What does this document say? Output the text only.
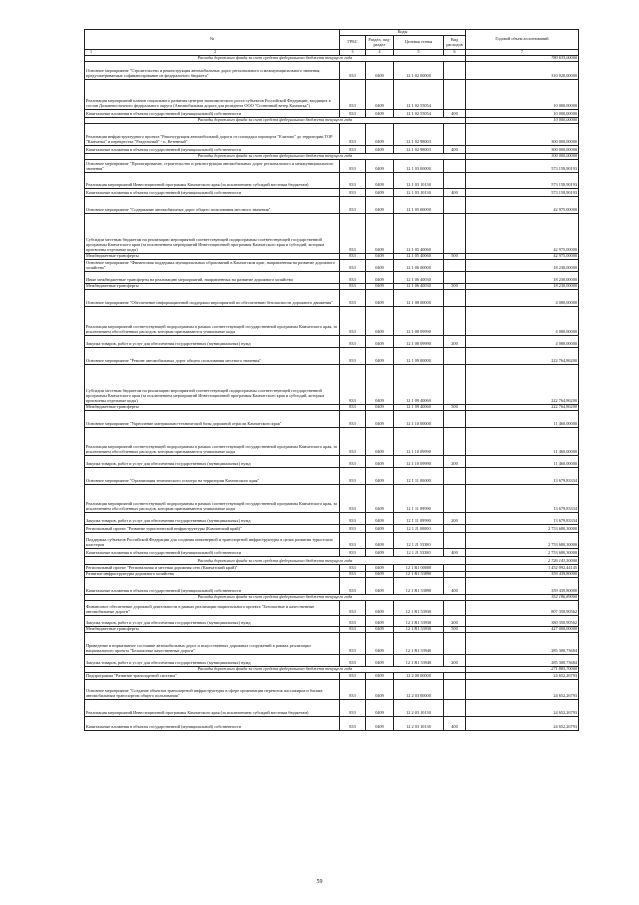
№	Коды				Годовой объем ассигнований
	ГРБС	Раздел, под-раздел	Целевая статья	Вид расходов	

1 2	3	4	5	6	7
Расходы дорожного фонда за счет средств федерального бюджета текущего года					780 635,00000
Основное мероприятие "Строительство и реконструкция автомобильных дорог регионального и межмуниципального значения, предусматриваемые софинансирование из федерального бюджета"	833	0409	12 1 02 00000		310 020,00000
Реализация мероприятий планов социального развития центров экономического роста субъектов Российской Федерации, входящих в состав Дальневосточного федерального округа (Автомобильная дорога для резидента ООО "Солнечный ветер Камчатка")	833	0409	12 1 02 55054		10 000,00000
Капитальные вложения в объекты государственной (муниципальной) собственности	833	0409	12 1 02 55054	400	10 000,00000
Расходы дорожного фонда за счет средств федерального бюджета текущего года					10 000,00000
Реализация инфраструктурного проекта "Реконструкция автомобильной дороги от площадки аэропорта "Елизово" до территории ТОР "Камчатка" и перекрестка "Раздельный" - п. Кетенный"	833	0409	12 1 02 98003		300 000,00000
Капитальные вложения в объекты государственной (муниципальной) собственности	833	0409	12 1 02 98003	400	300 000,00000
Расходы дорожного фонда за счет средств федерального бюджета текущего года					300 000,00000
Основное мероприятие "Проектирование, строительство и реконструкция автомобильных дорог регионального и межмуниципального значения"	833	0409	12 1 03 00000		573 158,90193
Реализация мероприятий Инвестиционной программы Камчатского края (за исключением субсидий местным бюджетам)	833	0409	12 1 03 10130		573 158,90193
Капитальные вложения в объекты государственной (муниципальной) собственности	833	0409	12 1 03 10130	400	573 158,90193
Основное мероприятие "Содержание автомобильных дорог общего пользования местного значения"	833	0409	12 1 05 00000		42 975,00000
Субсидии местным бюджетам на реализацию мероприятий соответствующей подпрограммы соответствующей государственной программы Камчатского края (за исключением мероприятий Инвестиционной программы Камчатского края и субсидий, которым присвоены отдельные коды)	833	0409	12 1 05 40060		42 975,00000
Межбюджетные трансферты	833	0409	12 1 05 40060	500	42 975,00000
Основное мероприятие "Финансовая поддержка муниципальных образований в Камчатском крае, направленная на развитие дорожного хозяйства"	833	0409	12 1 06 00000		18 230,00000
Иные межбюджетные трансферты на реализацию мероприятий, направленных на развитие дорожного хозяйства	833	0409	12 1 06 40030		18 230,00000
Межбюджетные трансферты	833	0409	12 1 06 40030	500	18 230,00000
Основное мероприятие "Обеспечение информационной поддержки мероприятий по обеспечению безопасности дорожного движения"	833	0409	12 1 08 00000		4 080,00000
Реализация мероприятий соответствующей подпрограммы в рамках соответствующей государственной программы Камчатского края, за исключением обособленных расходов, которым присваиваются уникальные коды	833	0409	12 1 08 09990		4 080,00000
Закупка товаров, работ и услуг для обеспечения государственных (муниципальных) нужд	833	0409	12 1 08 09990	200	4 080,00000
Основное мероприятие "Ремонт автомобильных дорог общего пользования местного значения"	833	0409	12 1 09 00000		222 764,86200
Субсидии местным бюджетам на реализацию мероприятий соответствующей подпрограммы соответствующей государственной программы Камчатского края (за исключением мероприятий Инвестиционной программы Камчатского края и субсидий, которым присвоены отдельные коды)	833	0409	12 1 09 40060		222 764,86200
Межбюджетные трансферты	833	0409	12 1 09 40060	500	222 764,86200
Основное мероприятие "Укрепление материально-технической базы дорожной отрасли Камчатского края"	833	0409	12 1 10 00000		11 460,00000
Реализация мероприятий соответствующей подпрограммы в рамках соответствующей государственной программы Камчатского края, за исключением обособленных расходов, которым присваиваются уникальные коды	833	0409	12 1 10 09990		11 460,00000
Закупка товаров, работ и услуг для обеспечения государственных (муниципальных) нужд	833	0409	12 1 10 09990	200	11 460,00000
Основное мероприятие "Организация технического осмотра на территории Камчатского края"	833	0409	12 1 11 00000		13 679,83334
Реализация мероприятий соответствующей подпрограммы в рамках соответствующей государственной программы Камчатского края, за исключением обособленных расходов, которым присваиваются уникальные коды	833	0409	12 1 11 09990		13 679,83334
Закупка товаров, работ и услуг для обеспечения государственных (муниципальных) нужд	833	0409	12 1 11 09990	200	13 679,83334
Региональный проект "Развитие туристической инфраструктуры (Камчатский край)"	833	0409	12 1 J1 00000		2 753 680,30000
Поддержка субъектов Российской Федерации для создания инженерной и транспортной инфраструктуры в целях развития туристских кластеров	833	0409	12 1 J1 53380		2 753 680,30000
Капитальные вложения в объекты государственной (муниципальной) собственности	833	0409	12 1 J1 53380	400	2 753 680,30000
Расходы дорожного фонда за счет средств федерального бюджета текущего года					2 726 143,50000
Региональный проект "Региональная и местная дорожная сеть (Камчатский край)"	833	0409	12 1 R1 00000		1 452 092,44145
Развитие инфраструктуры дорожного хозяйства	833	0409	12 1 R1 53890		359 439,80000
Капитальные вложения в объекты государственной (муниципальной) собственности	833	0409	12 1 R1 53890	400	359 439,80000
Расходы дорожного фонда за счет средств федерального бюджета текущего года					352 186,89000
Финансовое обеспечение дорожной деятельности в рамках реализации национального проекта "Безопасные и качественные автомобильные дороги"	833	0409	12 1 R1 53930		807 350,90562
Закупка товаров, работ и услуг для обеспечения государственных (муниципальных) нужд	833	0409	12 1 R1 53930	200	380 350,90562
Межбюджетные трансферты	833	0409	12 1 R1 53930	500	427 000,00000
Приведение в нормативное состояние автомобильных дорог и искусственных дорожных сооружений в рамках реализации национального проекта "Безопасные качественные дороги"	833	0409	12 1 R1 53940		285 300,73684
Закупка товаров, работ и услуг для обеспечения государственных (муниципальных) нужд	833	0409	12 1 R1 53940	200	285 300,73684
Расходы дорожного фонда за счет средств федерального бюджета текущего года					271 885,70000
Подпрограмма "Развитие транспортной системы"	833	0409	12 2 00 00000		24 652,26793
Основное мероприятие "Создание объектов транспортной инфраструктуры в сфере организации перевозок пассажиров и багажа автомобильным транспортом общего пользования"	833	0409	12 2 03 00000		24 652,26793
Реализация мероприятий Инвестиционной программы Камчатского края (за исключением субсидий местным бюджетам)	833	0409	12 2 03 10130		24 652,26793
Капитальные вложения в объекты государственной (муниципальной) собственности	833	0409	12 2 03 10130	400	24 652,26793
59
